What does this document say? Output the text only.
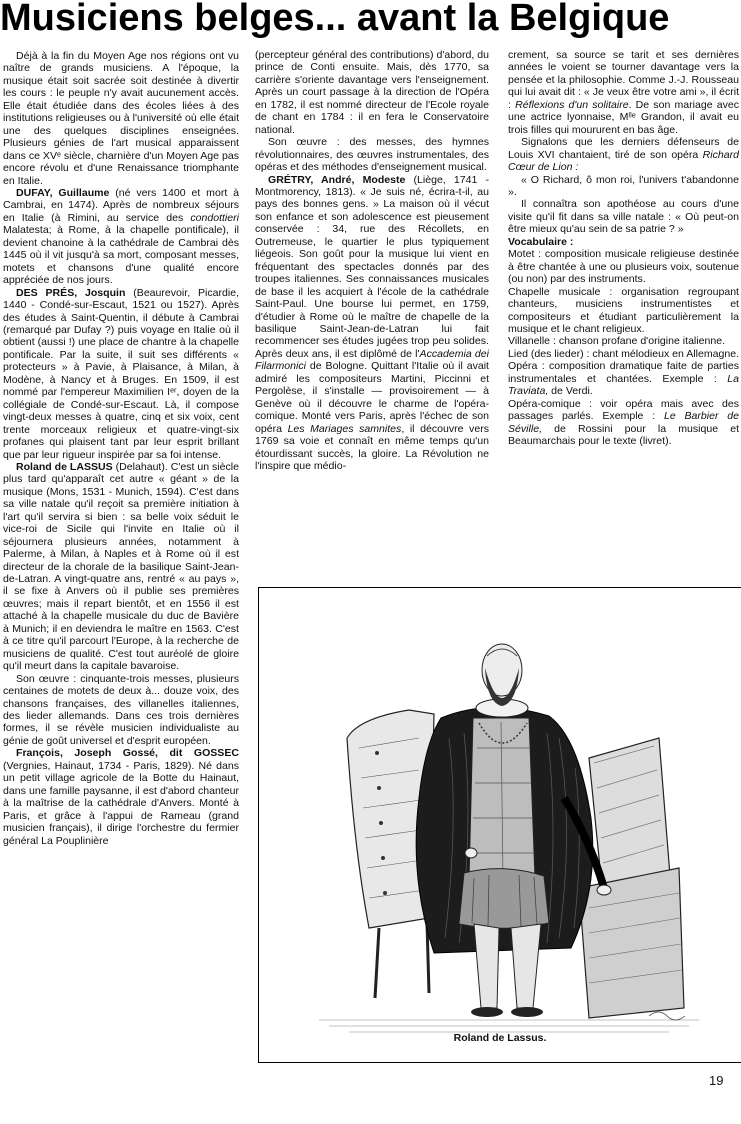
Musiciens belges... avant la Belgique

Déjà à la fin du Moyen Age nos régions ont vu naître de grands musiciens. A l'époque, la musique était soit sacrée soit destinée à divertir les cours : le peuple n'y avait aucunement accès. Elle était étudiée dans des écoles liées à des institutions religieuses ou à l'université où elle était une des quelques disciplines enseignées. Plusieurs génies de l'art musical apparaissent dans ce XVᵉ siècle, charnière d'un Moyen Age pas encore révolu et d'une Renaissance triomphante en Italie.

DUFAY, Guillaume (né vers 1400 et mort à Cambrai, en 1474). Après de nombreux séjours en Italie (à Rimini, au service des condottieri Malatesta; à Rome, à la chapelle pontificale), il devient chanoine à la cathédrale de Cambrai dès 1445 où il vit jusqu'à sa mort, composant messes, motets et chansons d'une qualité encore appréciée de nos jours.

DES PRÉS, Josquin (Beaurevoir, Picardie, 1440 - Condé-sur-Escaut, 1521 ou 1527). Après des études à Saint-Quentin, il débute à Cambrai (remarqué par Dufay ?) puis voyage en Italie où il obtient (aussi !) une place de chantre à la chapelle pontificale. Par la suite, il suit ses différents « protecteurs » à Pavie, à Plaisance, à Milan, à Modène, à Nancy et à Bruges. En 1509, il est nommé par l'empereur Maximilien Iᵉʳ, doyen de la collégiale de Condé-sur-Escaut. Là, il compose vingt-deux messes à quatre, cinq et six voix, cent trente morceaux religieux et quatre-vingt-six profanes qui plaisent tant par leur esprit brillant que par leur rigueur inspirée par sa foi intense.

Roland de LASSUS (Delahaut). C'est un siècle plus tard qu'apparaît cet autre « géant » de la musique (Mons, 1531 - Munich, 1594). C'est dans sa ville natale qu'il reçoit sa première initiation à l'art qu'il servira si bien : sa belle voix séduit le vice-roi de Sicile qui l'invite en Italie où il séjournera plusieurs années, notamment à Palerme, à Milan, à Naples et à Rome où il est directeur de la chorale de la basilique Saint-Jean-de-Latran. A vingt-quatre ans, rentré « au pays », il se fixe à Anvers où il publie ses premières œuvres; mais il repart bientôt, et en 1556 il est attaché à la chapelle musicale du duc de Bavière à Munich; il en deviendra le maître en 1563. C'est à ce titre qu'il parcourt l'Europe, à la recherche de musiciens de qualité. C'est tout auréolé de gloire qu'il meurt dans la capitale bavaroise.

Son œuvre : cinquante-trois messes, plusieurs centaines de motets de deux à... douze voix, des chansons françaises, des villanelles italiennes, des lieder allemands. Dans ces trois dernières formes, il se révèle musicien individualiste au génie de goût universel et d'esprit européen.

François, Joseph Gossé, dit GOSSEC (Vergnies, Hainaut, 1734 - Paris, 1829). Né dans un petit village agricole de la Botte du Hainaut, dans une famille paysanne, il est d'abord chanteur à la maîtrise de la cathédrale d'Anvers. Monté à Paris, et grâce à l'appui de Rameau (grand musicien français), il dirige l'orchestre du fermier général La Pouplinière

(percepteur général des contributions) d'abord, du prince de Conti ensuite. Mais, dès 1770, sa carrière s'oriente davantage vers l'enseignement. Après un court passage à la direction de l'Opéra en 1782, il est nommé directeur de l'Ecole royale de chant en 1784 : il en fera le Conservatoire national.

Son œuvre : des messes, des hymnes révolutionnaires, des œuvres instrumentales, des opéras et des méthodes d'enseignement musical.

GRÉTRY, André, Modeste (Liège, 1741 - Montmorency, 1813). « Je suis né, écrira-t-il, au pays des bonnes gens. » La maison où il vécut son enfance et son adolescence est pieusement conservée : 34, rue des Récollets, en Outremeuse, le quartier le plus typiquement liégeois. Son goût pour la musique lui vient en fréquentant des spectacles donnés par des troupes italiennes. Ses connaissances musicales de base il les acquiert à l'école de la cathédrale Saint-Paul. Une bourse lui permet, en 1759, d'étudier à Rome où le maître de chapelle de la basilique Saint-Jean-de-Latran lui fait recommencer ses études jugées trop peu solides. Après deux ans, il est diplômé de l'Accademia dei Filarmonici de Bologne. Quittant l'Italie où il avait admiré les compositeurs Martini, Piccinni et Pergolèse, il s'installe — provisoirement — à Genève où il découvre le charme de l'opéra-comique. Monté vers Paris, après l'échec de son opéra Les Mariages samnites, il découvre vers 1769 sa voie et connaît en même temps qu'un étourdissant succès, la gloire. La Révolution ne l'inspire que médio-

crement, sa source se tarit et ses dernières années le voient se tourner davantage vers la pensée et la philosophie. Comme J.-J. Rousseau qui lui avait dit : « Je veux être votre ami », il écrit : Réflexions d'un solitaire. De son mariage avec une actrice lyonnaise, Mˡˡᵉ Grandon, il avait eu trois filles qui moururent en bas âge.

Signalons que les derniers défenseurs de Louis XVI chantaient, tiré de son opéra Richard Cœur de Lion :

« O Richard, ô mon roi, l'univers t'abandonne ».

Il connaîtra son apothéose au cours d'une visite qu'il fit dans sa ville natale : « Où peut-on être mieux qu'au sein de sa patrie ? »

Vocabulaire :

Motet : composition musicale religieuse destinée à être chantée à une ou plusieurs voix, soutenue (ou non) par des instruments.

Chapelle musicale : organisation regroupant chanteurs, musiciens instrumentistes et compositeurs et étudiant particulièrement la musique et le chant religieux.

Villanelle : chanson profane d'origine italienne.

Lied (des lieder) : chant mélodieux en Allemagne.

Opéra : composition dramatique faite de parties instrumentales et chantées. Exemple : La Traviata, de Verdi.

Opéra-comique : voir opéra mais avec des passages parlés. Exemple : Le Barbier de Séville, de Rossini pour la musique et Beaumarchais pour le texte (livret).

Roland de Lassus.
19
